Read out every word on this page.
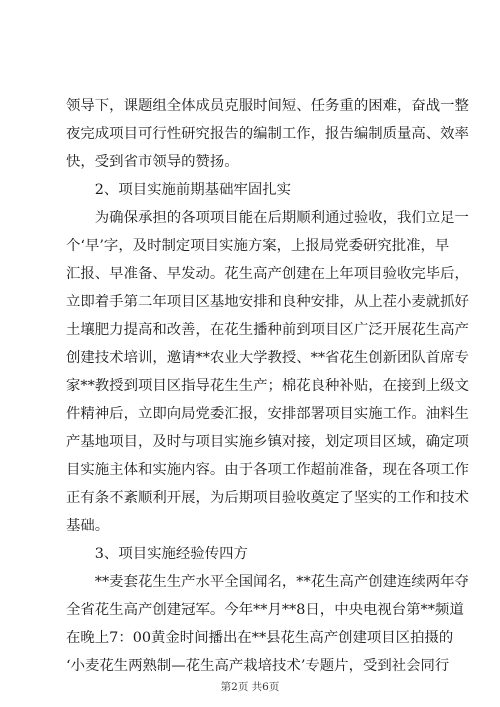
领导下，课题组全体成员克服时间短、任务重的困难，奋战一整
夜完成项目可行性研究报告的编制工作，报告编制质量高、效率
快，受到省市领导的赞扬。
　　2、项目实施前期基础牢固扎实
　　为确保承担的各项项目能在后期顺利通过验收，我们立足一
个‘早’字，及时制定项目实施方案，上报局党委研究批准，早
汇报、早准备、早发动。花生高产创建在上年项目验收完毕后，
立即着手第二年项目区基地安排和良种安排，从上茬小麦就抓好
土壤肥力提高和改善，在花生播种前到项目区广泛开展花生高产
创建技术培训，邀请**农业大学教授、**省花生创新团队首席专
家**教授到项目区指导花生生产；棉花良种补贴，在接到上级文
件精神后，立即向局党委汇报，安排部署项目实施工作。油料生
产基地项目，及时与项目实施乡镇对接，划定项目区域，确定项
目实施主体和实施内容。由于各项工作超前准备，现在各项工作
正有条不紊顺利开展，为后期项目验收奠定了坚实的工作和技术
基础。
　　3、项目实施经验传四方
　　**麦套花生生产水平全国闻名，**花生高产创建连续两年夺
全省花生高产创建冠军。今年**月**8日，中央电视台第**频道
在晚上7：00黄金时间播出在**县花生高产创建项目区拍摄的
‘小麦花生两熟制—花生高产栽培技术’专题片，受到社会同行
第2页 共6页
